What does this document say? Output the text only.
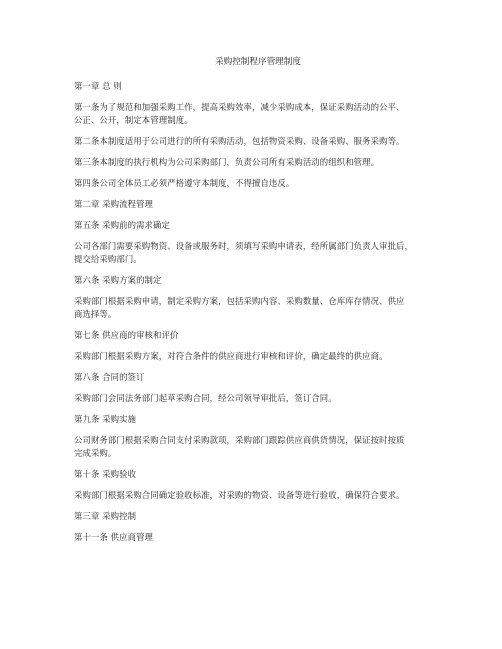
采购控制程序管理制度
第一章 总 则
第一条为了规范和加强采购工作，提高采购效率，减少采购成本，保证采购活动的公平、
公正、公开，制定本管理制度。
第二条本制度适用于公司进行的所有采购活动，包括物资采购、设备采购、服务采购等。
第三条本制度的执行机构为公司采购部门，负责公司所有采购活动的组织和管理。
第四条公司全体员工必须严格遵守本制度，不得擅自违反。
第二章 采购流程管理
第五条 采购前的需求确定
公司各部门需要采购物资、设备或服务时，须填写采购申请表，经所属部门负责人审批后，
提交给采购部门。
第六条 采购方案的制定
采购部门根据采购申请，制定采购方案，包括采购内容、采购数量、仓库库存情况、供应
商选择等。
第七条 供应商的审核和评价
采购部门根据采购方案，对符合条件的供应商进行审核和评价，确定最终的供应商。
第八条 合同的签订
采购部门会同法务部门起草采购合同，经公司领导审批后，签订合同。
第九条 采购实施
公司财务部门根据采购合同支付采购款项，采购部门跟踪供应商供货情况，保证按时按质
完成采购。
第十条 采购验收
采购部门根据采购合同确定验收标准，对采购的物资、设备等进行验收，确保符合要求。
第三章 采购控制
第十一条 供应商管理
